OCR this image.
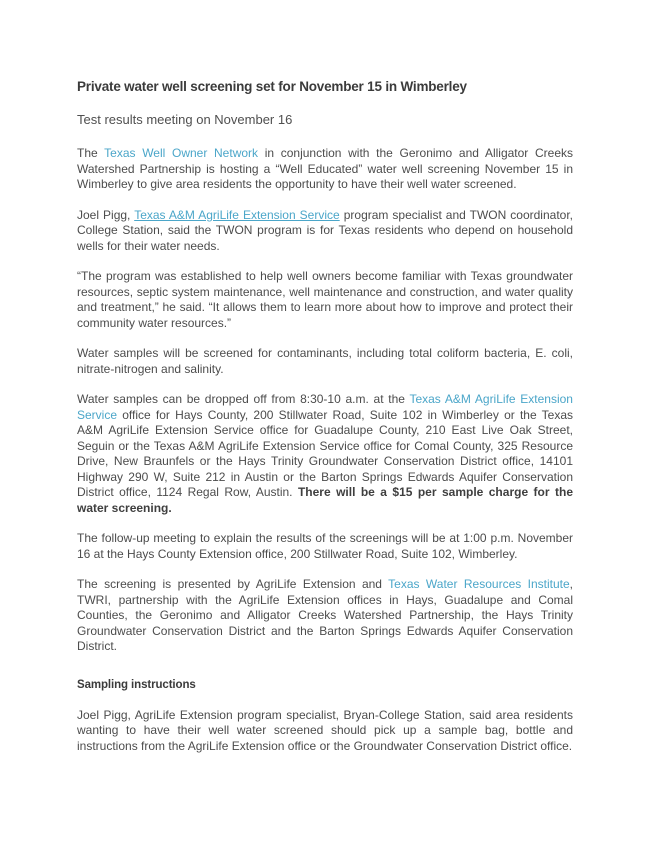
Private water well screening set for November 15 in Wimberley

Test results meeting on November 16

The Texas Well Owner Network in conjunction with the Geronimo and Alligator Creeks Watershed Partnership is hosting a “Well Educated” water well screening November 15 in Wimberley to give area residents the opportunity to have their well water screened.

Joel Pigg, Texas A&M AgriLife Extension Service program specialist and TWON coordinator, College Station, said the TWON program is for Texas residents who depend on household wells for their water needs.

“The program was established to help well owners become familiar with Texas groundwater resources, septic system maintenance, well maintenance and construction, and water quality and treatment,” he said. “It allows them to learn more about how to improve and protect their community water resources.”

Water samples will be screened for contaminants, including total coliform bacteria, E. coli, nitrate-nitrogen and salinity.

Water samples can be dropped off from 8:30-10 a.m. at the Texas A&M AgriLife Extension Service office for Hays County, 200 Stillwater Road, Suite 102 in Wimberley or the Texas A&M AgriLife Extension Service office for Guadalupe County, 210 East Live Oak Street, Seguin or the Texas A&M AgriLife Extension Service office for Comal County, 325 Resource Drive, New Braunfels or the Hays Trinity Groundwater Conservation District office, 14101 Highway 290 W, Suite 212 in Austin or the Barton Springs Edwards Aquifer Conservation District office, 1124 Regal Row, Austin. There will be a $15 per sample charge for the water screening.

The follow-up meeting to explain the results of the screenings will be at 1:00 p.m. November 16 at the Hays County Extension office, 200 Stillwater Road, Suite 102, Wimberley.

The screening is presented by AgriLife Extension and Texas Water Resources Institute, TWRI, partnership with the AgriLife Extension offices in Hays, Guadalupe and Comal Counties, the Geronimo and Alligator Creeks Watershed Partnership, the Hays Trinity Groundwater Conservation District and the Barton Springs Edwards Aquifer Conservation District.

Sampling instructions

Joel Pigg, AgriLife Extension program specialist, Bryan-College Station, said area residents wanting to have their well water screened should pick up a sample bag, bottle and instructions from the AgriLife Extension office or the Groundwater Conservation District office.
